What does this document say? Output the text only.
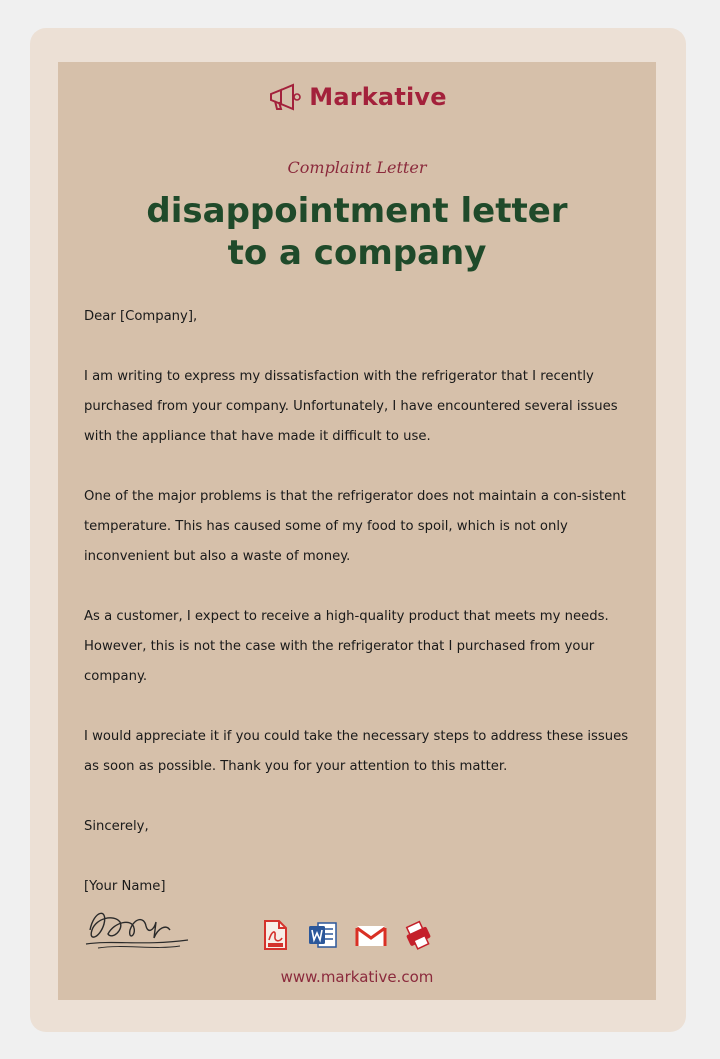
Markative
Complaint Letter
disappointment letter
to a company

Dear [Company],

I am writing to express my dissatisfaction with the refrigerator that I recently purchased from your company. Unfortunately, I have encountered several issues with the appliance that have made it difficult to use.

One of the major problems is that the refrigerator does not maintain a con-sistent temperature. This has caused some of my food to spoil, which is not only inconvenient but also a waste of money.

As a customer, I expect to receive a high-quality product that meets my needs. However, this is not the case with the refrigerator that I purchased from your company.

I would appreciate it if you could take the necessary steps to address these issues as soon as possible. Thank you for your attention to this matter.

Sincerely,

[Your Name]

www.markative.com
